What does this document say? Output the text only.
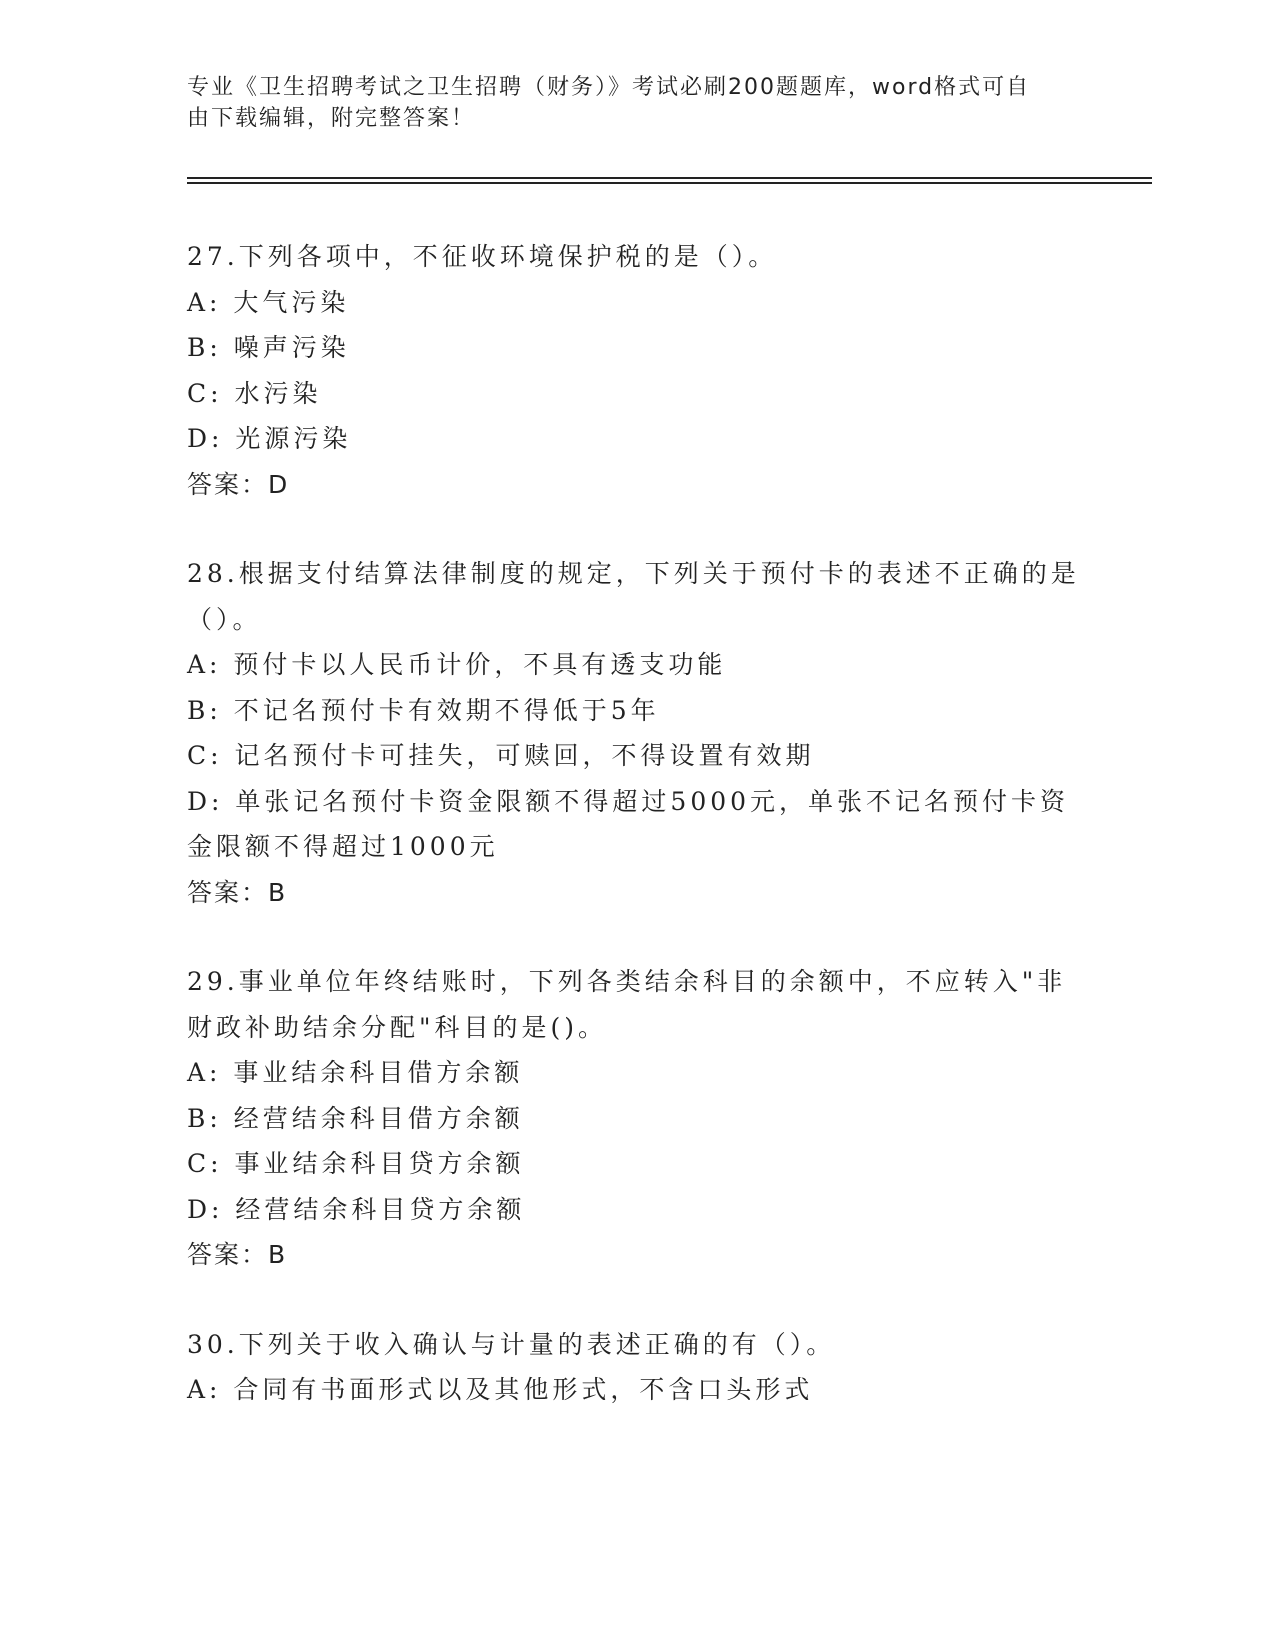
专业《卫生招聘考试之卫生招聘（财务）》考试必刷200题题库，word格式可自
由下载编辑，附完整答案！
27.下列各项中，不征收环境保护税的是（）。
A: 大气污染
B: 噪声污染
C: 水污染
D: 光源污染
答案：D
28.根据支付结算法律制度的规定，下列关于预付卡的表述不正确的是
（）。
A: 预付卡以人民币计价，不具有透支功能
B: 不记名预付卡有效期不得低于5年
C: 记名预付卡可挂失，可赎回，不得设置有效期
D: 单张记名预付卡资金限额不得超过5000元，单张不记名预付卡资
金限额不得超过1000元
答案：B
29.事业单位年终结账时，下列各类结余科目的余额中，不应转入"非
财政补助结余分配"科目的是()。
A: 事业结余科目借方余额
B: 经营结余科目借方余额
C: 事业结余科目贷方余额
D: 经营结余科目贷方余额
答案：B
30.下列关于收入确认与计量的表述正确的有（）。
A: 合同有书面形式以及其他形式，不含口头形式
